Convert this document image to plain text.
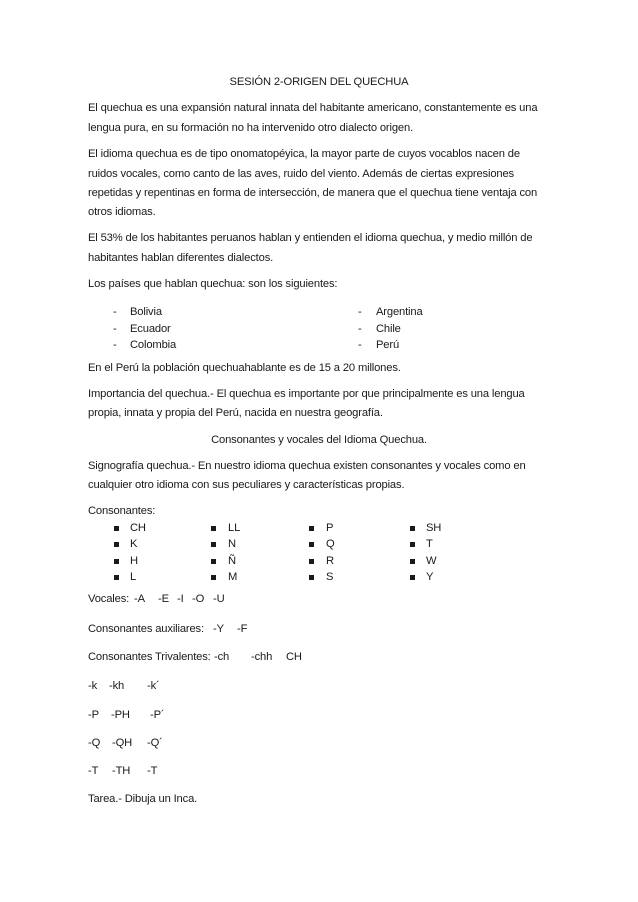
SESIÓN 2-ORIGEN DEL QUECHUA

El quechua es una expansión natural innata del habitante americano, constantemente es una

lengua pura, en su formación no ha intervenido otro dialecto origen.

El idioma quechua es de tipo onomatopéyica, la mayor parte de cuyos vocablos nacen de

ruidos vocales, como canto de las aves, ruido del viento. Además de ciertas expresiones

repetidas y repentinas en forma de intersección, de manera que el quechua tiene ventaja con

otros idiomas.

El 53% de los habitantes peruanos hablan y entienden el idioma quechua, y medio millón de

habitantes hablan diferentes dialectos.

Los países que hablan quechua: son los siguientes:

- Bolivia
- Ecuador
- Colombia
- Argentina
- Chile
- Perú

En el Perú la población quechuahablante es de 15 a 20 millones.

Importancia del quechua.- El quechua es importante por que principalmente es una lengua

propia, innata y propia del Perú, nacida en nuestra geografía.

Consonantes y vocales del Idioma Quechua.

Signografía quechua.- En nuestro idioma quechua existen consonantes y vocales como en

cualquier otro idioma con sus peculiares y características propias.

Consonantes:

CH
K
H
L
LL
N
Ñ
M
P
Q
R
S
SH
T
W
Y
Vocales: -A -E -I -O -U
Consonantes auxiliares: -Y -F
Consonantes Trivalentes: -ch -chh CH
-k -kh -k´
-P -PH -P´
-Q -QH -Q´
-T -TH -T

Tarea.- Dibuja un Inca.
